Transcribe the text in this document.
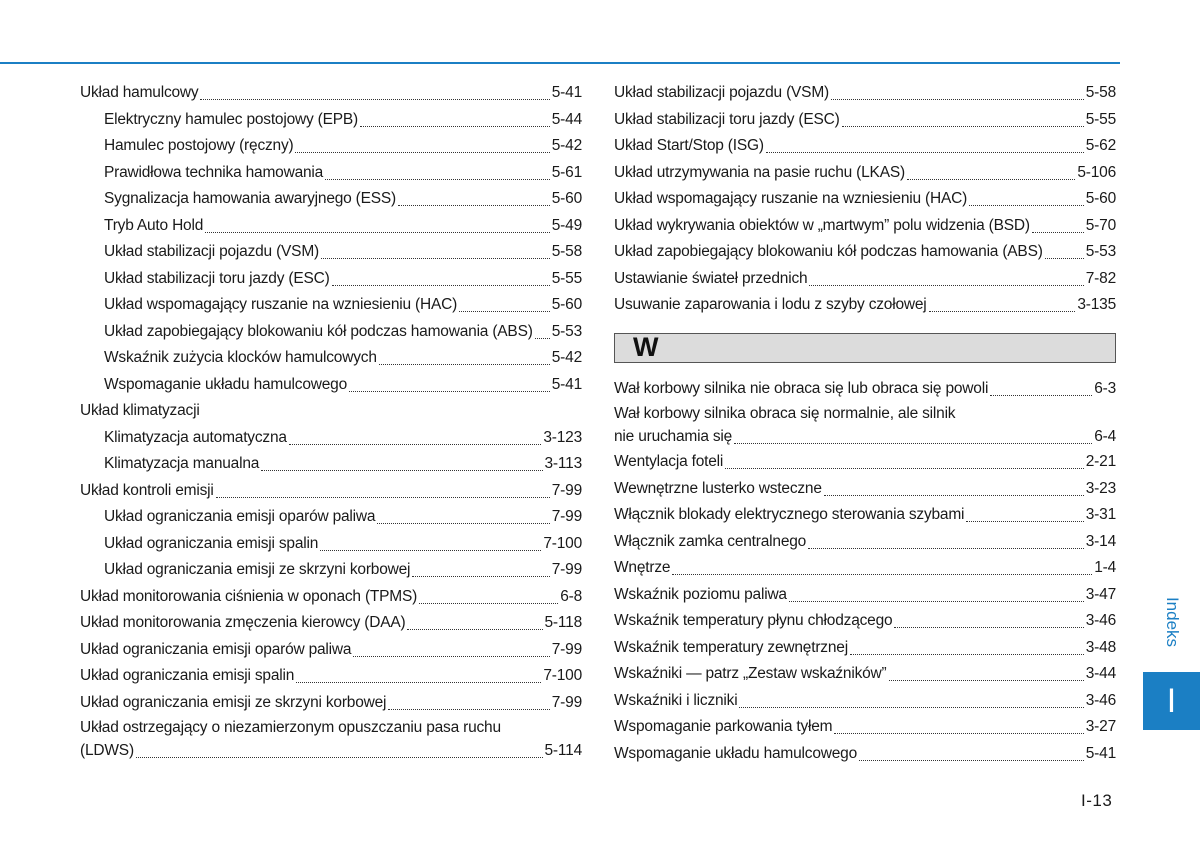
Układ hamulcowy	5-41
Elektryczny hamulec postojowy (EPB)	5-44
Hamulec postojowy (ręczny)	5-42
Prawidłowa technika hamowania	5-61
Sygnalizacja hamowania awaryjnego (ESS)	5-60
Tryb Auto Hold	5-49
Układ stabilizacji pojazdu (VSM)	5-58
Układ stabilizacji toru jazdy (ESC)	5-55
Układ wspomagający ruszanie na wzniesieniu (HAC)	5-60
Układ zapobiegający blokowaniu kół podczas hamowania (ABS) 5-53
Wskaźnik zużycia klocków hamulcowych	5-42
Wspomaganie układu hamulcowego	5-41
Układ klimatyzacji
Klimatyzacja automatyczna	3-123
Klimatyzacja manualna	3-113
Układ kontroli emisji	7-99
Układ ograniczania emisji oparów paliwa	7-99
Układ ograniczania emisji spalin	7-100
Układ ograniczania emisji ze skrzyni korbowej	7-99
Układ monitorowania ciśnienia w oponach (TPMS)	6-8
Układ monitorowania zmęczenia kierowcy (DAA)	5-118
Układ ograniczania emisji oparów paliwa	7-99
Układ ograniczania emisji spalin	7-100
Układ ograniczania emisji ze skrzyni korbowej	7-99
Układ ostrzegający o niezamierzonym opuszczaniu pasa ruchu
(LDWS)	5-114
Układ stabilizacji pojazdu (VSM)	5-58
Układ stabilizacji toru jazdy (ESC)	5-55
Układ Start/Stop (ISG)	5-62
Układ utrzymywania na pasie ruchu (LKAS)	5-106
Układ wspomagający ruszanie na wzniesieniu (HAC)	5-60
Układ wykrywania obiektów w „martwym” polu widzenia (BSD)	5-70
Układ zapobiegający blokowaniu kół podczas hamowania (ABS)	5-53
Ustawianie świateł przednich	7-82
Usuwanie zaparowania i lodu z szyby czołowej	3-135
W
Wał korbowy silnika nie obraca się lub obraca się powoli	6-3
Wał korbowy silnika obraca się normalnie, ale silnik
nie uruchamia się	6-4
Wentylacja foteli	2-21
Wewnętrzne lusterko wsteczne	3-23
Włącznik blokady elektrycznego sterowania szybami	3-31
Włącznik zamka centralnego	3-14
Wnętrze	1-4
Wskaźnik poziomu paliwa	3-47
Wskaźnik temperatury płynu chłodzącego	3-46
Wskaźnik temperatury zewnętrznej	3-48
Wskaźniki — patrz „Zestaw wskaźników”	3-44
Wskaźniki i liczniki	3-46
Wspomaganie parkowania tyłem	3-27
Wspomaganie układu hamulcowego	5-41
Indeks
I
I-13
